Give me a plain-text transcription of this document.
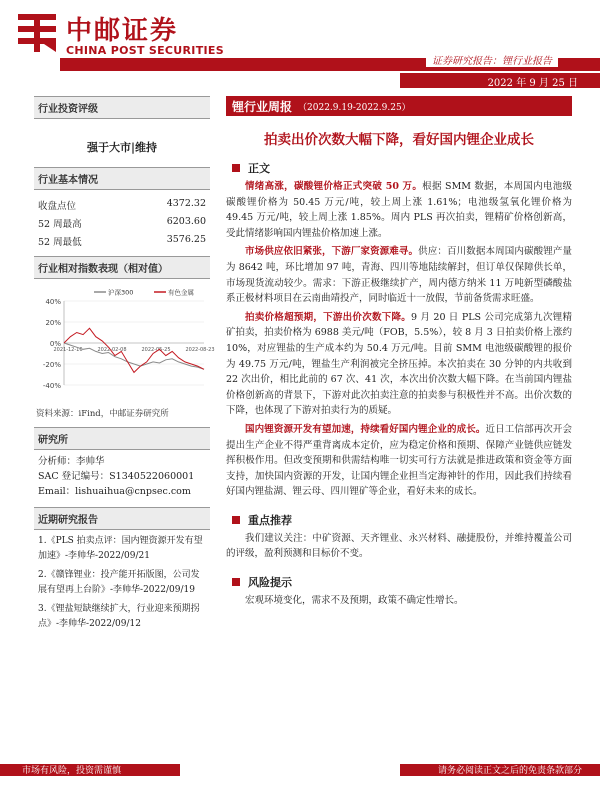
中邮证券
CHINA POST SECURITIES
证券研究报告：锂行业报告
2022 年 9 月 25 日
行业投资评级
强于大市|维持
行业基本情况
收盘点位	4372.32
52 周最高	6203.60
52 周最低	3576.25
行业相对指数表现（相对值）
40%
20%
0%
-20%
-40%
2021-12-16	2022-02-08	2022-05-25	2022-08-23
沪深300	有色金属
资料来源：iFind，中邮证券研究所
研究所
分析师：李帅华
SAC 登记编号：S1340522060001
Email：lishuaihua@cnpsec.com
近期研究报告
1.《PLS 拍卖点评：国内锂资源开发有望加速》-李帅华-2022/09/21
2.《赣锋锂业：投产能开拓版图，公司发展有望再上台阶》-李帅华-2022/09/19
3.《锂盐短缺继续扩大，行业迎来预期拐点》-李帅华-2022/09/12
锂行业周报 （2022.9.19-2022.9.25）
拍卖出价次数大幅下降，看好国内锂企业成长
正文

情绪高涨，碳酸锂价格正式突破 50 万。根据 SMM 数据，本周国内电池级碳酸锂价格为 50.45 万元/吨，较上周上涨 1.61%；电池级氢氧化锂价格为 49.45 万元/吨，较上周上涨 1.85%。周内 PLS 再次拍卖，锂精矿价格创新高，受此情绪影响国内锂盐价格加速上涨。

市场供应依旧紧张，下游厂家资源难寻。供应：百川数据本周国内碳酸锂产量为 8642 吨，环比增加 97 吨，青海、四川等地陆续解封，但订单仅保障供长单，市场现货流动较少。需求：下游正极继续扩产，周内德方纳米 11 万吨新型磷酸盐系正极材料项目在云南曲靖投产，同时临近十一放假，节前备货需求旺盛。

拍卖价格超预期，下游出价次数下降。9 月 20 日 PLS 公司完成第九次锂精矿拍卖，拍卖价格为 6988 美元/吨（FOB，5.5%），较 8 月 3 日拍卖价格上涨约 10%，对应锂盐的生产成本约为 50.4 万元/吨。目前 SMM 电池级碳酸锂的报价为 49.75 万元/吨，锂盐生产利润被完全挤压掉。本次拍卖在 30 分钟的内共收到 22 次出价，相比此前的 67 次、41 次，本次出价次数大幅下降。在当前国内锂盐价格创新高的背景下，下游对此次拍卖注意的拍卖参与积极性并不高。出价次数的下降，也体现了下游对拍卖行为的质疑。

国内锂资源开发有望加速，持续看好国内锂企业的成长。近日工信部再次开会提出生产企业不得严重背离成本定价，应为稳定价格和预期、保障产业链供应链发挥积极作用。但改变预期和供需结构唯一切实可行方法就是推进政策和资金等方面支持，加快国内资源的开发，让国内锂企业担当定海神针的作用，因此我们持续看好国内锂盐湖、锂云母、四川锂矿等企业，看好未来的成长。

重点推荐

我们建议关注：中矿资源、天齐锂业、永兴材料、融捷股份，并维持覆盖公司的评级，盈利预测和目标价不变。

风险提示

宏观环境变化，需求不及预期，政策不确定性增长。

市场有风险，投资需谨慎	请务必阅读正文之后的免责条款部分
